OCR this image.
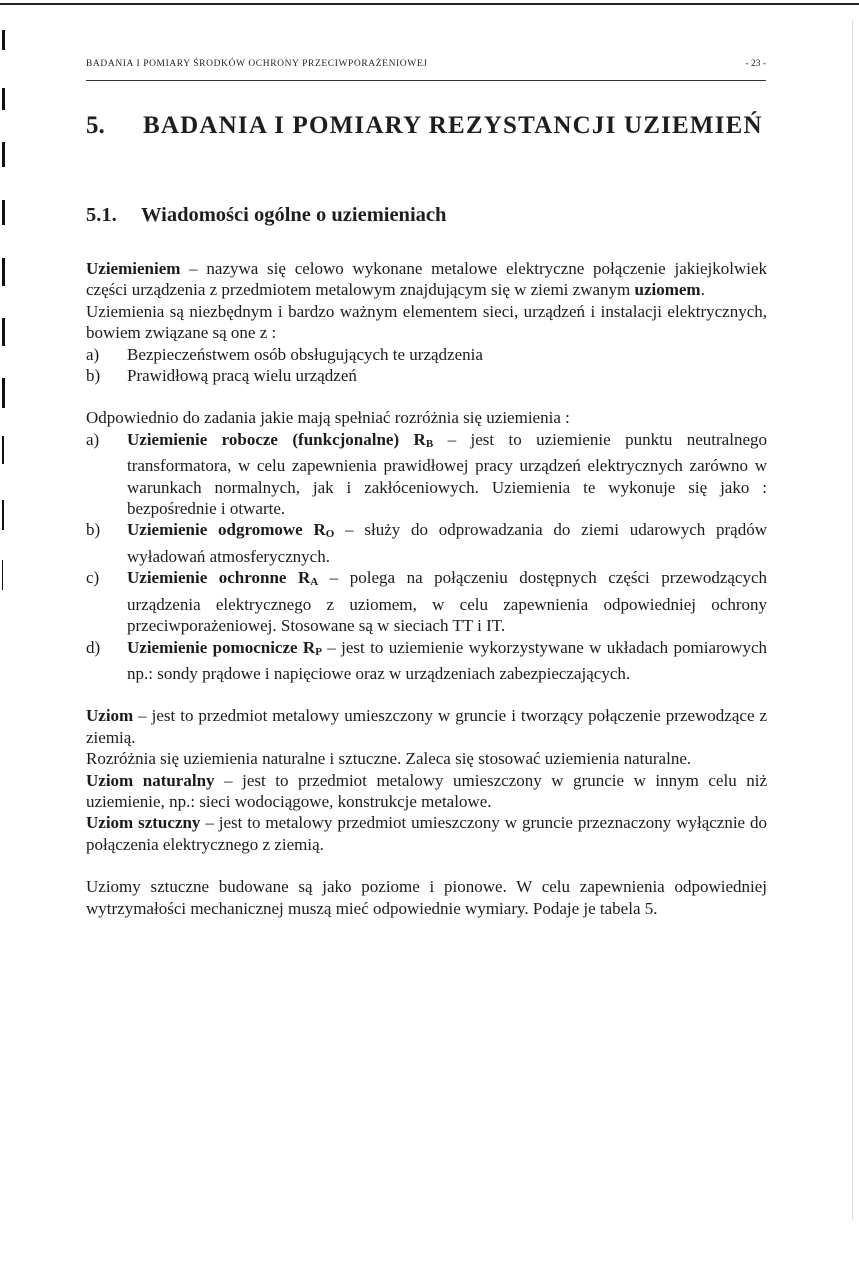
BADANIA I POMIARY ŚRODKÓW OCHRONY PRZECIWPORAŻENIOWEJ	- 23 -
5. BADANIA I POMIARY REZYSTANCJI UZIEMIEŃ
5.1. Wiadomości ogólne o uziemieniach

Uziemieniem – nazywa się celowo wykonane metalowe elektryczne połączenie jakiejkolwiek części urządzenia z przedmiotem metalowym znajdującym się w ziemi zwanym uziomem.

Uziemienia są niezbędnym i bardzo ważnym elementem sieci, urządzeń i instalacji elektrycznych, bowiem związane są one z :

a) Bezpieczeństwem osób obsługujących te urządzenia
b) Prawidłową pracą wielu urządzeń

Odpowiednio do zadania jakie mają spełniać rozróżnia się uziemienia :

a) Uziemienie robocze (funkcjonalne) RB – jest to uziemienie punktu neutralnego transformatora, w celu zapewnienia prawidłowej pracy urządzeń elektrycznych zarówno w warunkach normalnych, jak i zakłóceniowych. Uziemienia te wykonuje się jako : bezpośrednie i otwarte.
b) Uziemienie odgromowe RO – służy do odprowadzania do ziemi udarowych prądów wyładowań atmosferycznych.
c) Uziemienie ochronne RA – polega na połączeniu dostępnych części przewodzących urządzenia elektrycznego z uziomem, w celu zapewnienia odpowiedniej ochrony przeciwporażeniowej. Stosowane są w sieciach TT i IT.
d) Uziemienie pomocnicze RP – jest to uziemienie wykorzystywane w układach pomiarowych np.: sondy prądowe i napięciowe oraz w urządzeniach zabezpieczających.

Uziom – jest to przedmiot metalowy umieszczony w gruncie i tworzący połączenie przewodzące z ziemią.

Rozróżnia się uziemienia naturalne i sztuczne. Zaleca się stosować uziemienia naturalne.

Uziom naturalny – jest to przedmiot metalowy umieszczony w gruncie w innym celu niż uziemienie, np.: sieci wodociągowe, konstrukcje metalowe.

Uziom sztuczny – jest to metalowy przedmiot umieszczony w gruncie przeznaczony wyłącznie do połączenia elektrycznego z ziemią.

Uziomy sztuczne budowane są jako poziome i pionowe. W celu zapewnienia odpowiedniej wytrzymałości mechanicznej muszą mieć odpowiednie wymiary. Podaje je tabela 5.
